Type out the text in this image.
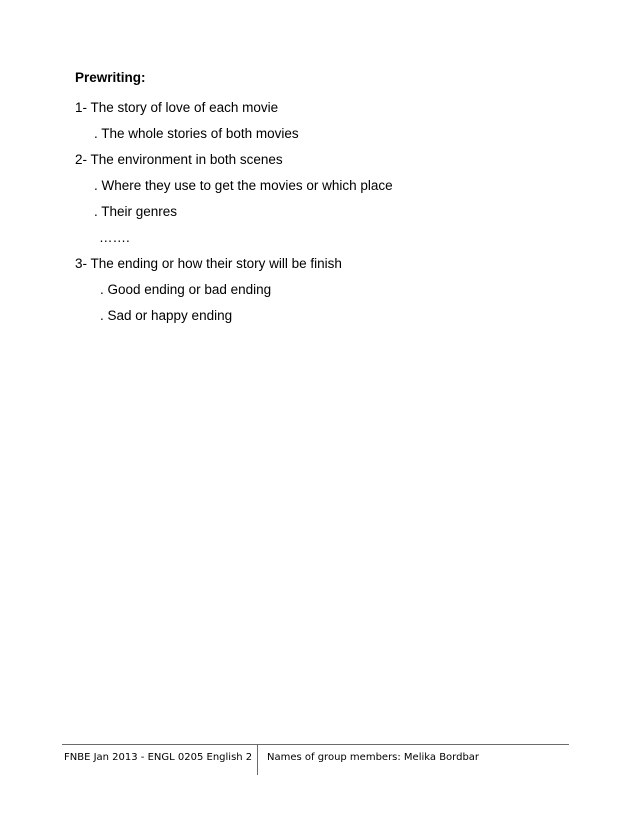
Prewriting:
1- The story of love of each movie
. The whole stories of both movies
2- The environment in both scenes
. Where they use to get the movies or which place
. Their genres
…….
3- The ending or how their story will be finish
. Good ending or bad ending
. Sad or happy ending
FNBE Jan 2013 - ENGL 0205 English 2 Names of group members: Melika Bordbar
